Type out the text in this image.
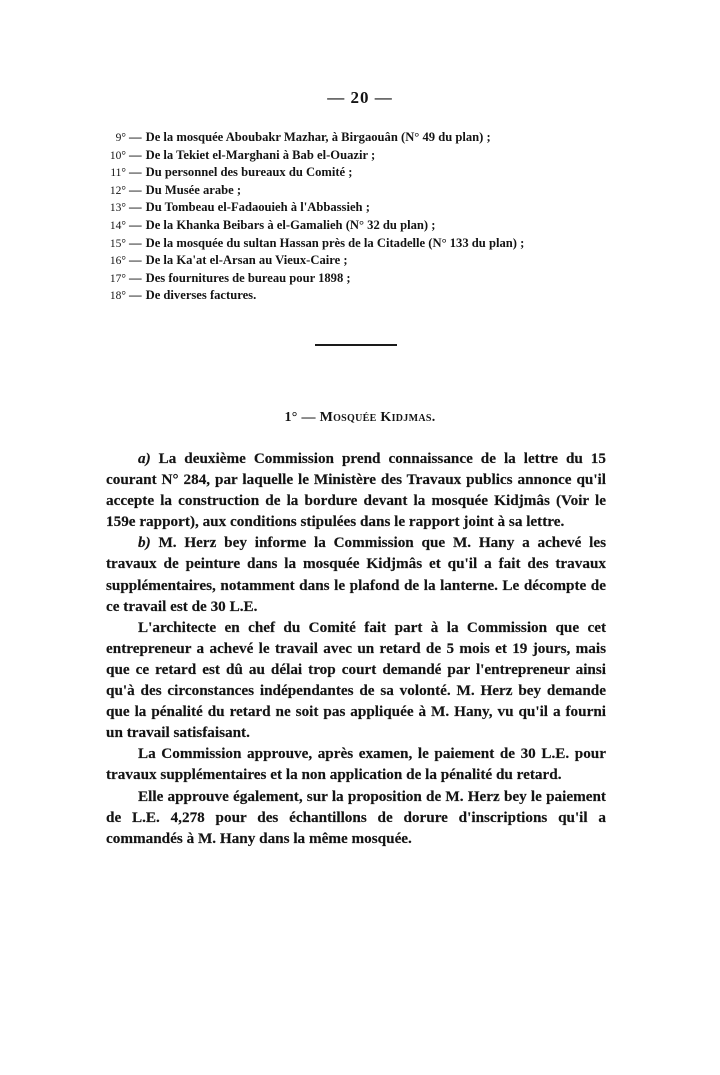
— 20 —
9° — De la mosquée Aboubakr Mazhar, à Birgaouân (N° 49 du plan) ;
10° — De la Tekiet el-Marghani à Bab el-Ouazir ;
11° — Du personnel des bureaux du Comité ;
12° — Du Musée arabe ;
13° — Du Tombeau el-Fadaouieh à l'Abbassieh ;
14° — De la Khanka Beibars à el-Gamalieh (N° 32 du plan) ;
15° — De la mosquée du sultan Hassan près de la Citadelle (N° 133 du plan) ;
16° — De la Ka'at el-Arsan au Vieux-Caire ;
17° — Des fournitures de bureau pour 1898 ;
18° — De diverses factures.
1° — Mosquée Kidjmas.

a) La deuxième Commission prend connaissance de la lettre du 15 courant N° 284, par laquelle le Ministère des Travaux publics annonce qu'il accepte la construction de la bordure devant la mosquée Kidjmâs (Voir le 159e rapport), aux conditions stipulées dans le rapport joint à sa lettre.

b) M. Herz bey informe la Commission que M. Hany a achevé les travaux de peinture dans la mosquée Kidjmâs et qu'il a fait des travaux supplémentaires, notamment dans le plafond de la lanterne. Le décompte de ce travail est de 30 L.E.

L'architecte en chef du Comité fait part à la Commission que cet entrepreneur a achevé le travail avec un retard de 5 mois et 19 jours, mais que ce retard est dû au délai trop court demandé par l'entrepreneur ainsi qu'à des circonstances indépendantes de sa volonté. M. Herz bey demande que la pénalité du retard ne soit pas appliquée à M. Hany, vu qu'il a fourni un travail satisfaisant.

La Commission approuve, après examen, le paiement de 30 L.E. pour travaux supplémentaires et la non application de la pénalité du retard.

Elle approuve également, sur la proposition de M. Herz bey le paiement de L.E. 4,278 pour des échantillons de dorure d'inscriptions qu'il a commandés à M. Hany dans la même mosquée.
